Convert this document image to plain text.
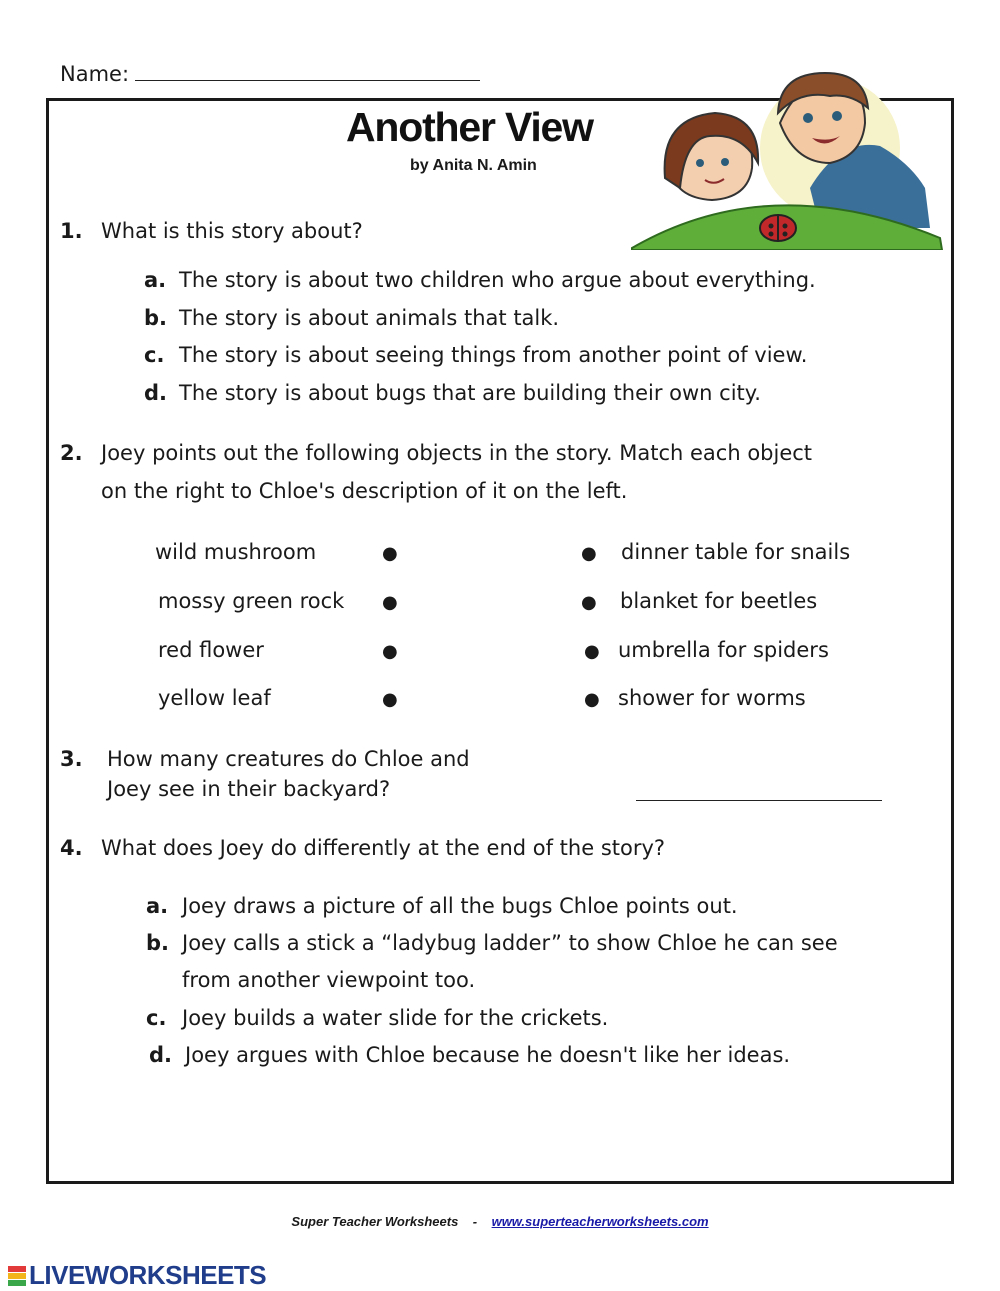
Name:
Another View
by Anita N. Amin
1. What is this story about?
a. The story is about two children who argue about everything.
b. The story is about animals that talk.
c. The story is about seeing things from another point of view.
d. The story is about bugs that are building their own city.
2. Joey points out the following objects in the story. Match each object
on the right to Chloe's description of it on the left.
wild mushroom	●	● dinner table for snails
mossy green rock ●	● blanket for beetles
red flower	●	● umbrella for spiders
yellow leaf	●	● shower for worms
3. How many creatures do Chloe and
Joey see in their backyard?
4. What does Joey do differently at the end of the story?
a. Joey draws a picture of all the bugs Chloe points out.
b. Joey calls a stick a “ladybug ladder” to show Chloe he can see
from another viewpoint too.
c. Joey builds a water slide for the crickets.
d. Joey argues with Chloe because he doesn't like her ideas.
Super Teacher Worksheets - www.superteacherworksheets.com
LIVEWORKSHEETS
